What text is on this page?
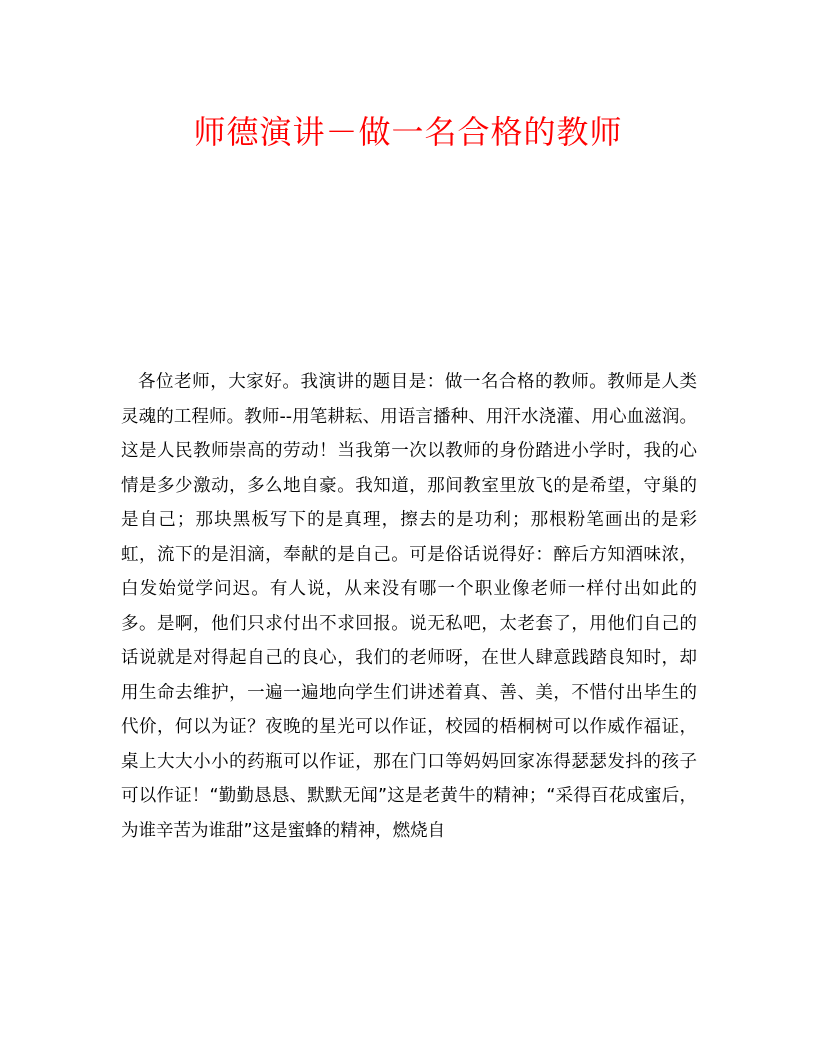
师德演讲－做一名合格的教师

各位老师，大家好。我演讲的题目是：做一名合格的教师。教师是人类灵魂的工程师。教师--用笔耕耘、用语言播种、用汗水浇灌、用心血滋润。这是人民教师崇高的劳动！当我第一次以教师的身份踏进小学时，我的心情是多少激动，多么地自豪。我知道，那间教室里放飞的是希望，守巢的是自己；那块黑板写下的是真理，擦去的是功利；那根粉笔画出的是彩虹，流下的是泪滴，奉献的是自己。可是俗话说得好：醉后方知酒味浓，白发始觉学问迟。有人说，从来没有哪一个职业像老师一样付出如此的多。是啊，他们只求付出不求回报。说无私吧，太老套了，用他们自己的话说就是对得起自己的良心，我们的老师呀，在世人肆意践踏良知时，却用生命去维护，一遍一遍地向学生们讲述着真、善、美，不惜付出毕生的代价，何以为证？夜晚的星光可以作证，校园的梧桐树可以作威作福证，桌上大大小小的药瓶可以作证，那在门口等妈妈回家冻得瑟瑟发抖的孩子可以作证！“勤勤恳恳、默默无闻”这是老黄牛的精神；“采得百花成蜜后，为谁辛苦为谁甜”这是蜜蜂的精神，燃烧自
